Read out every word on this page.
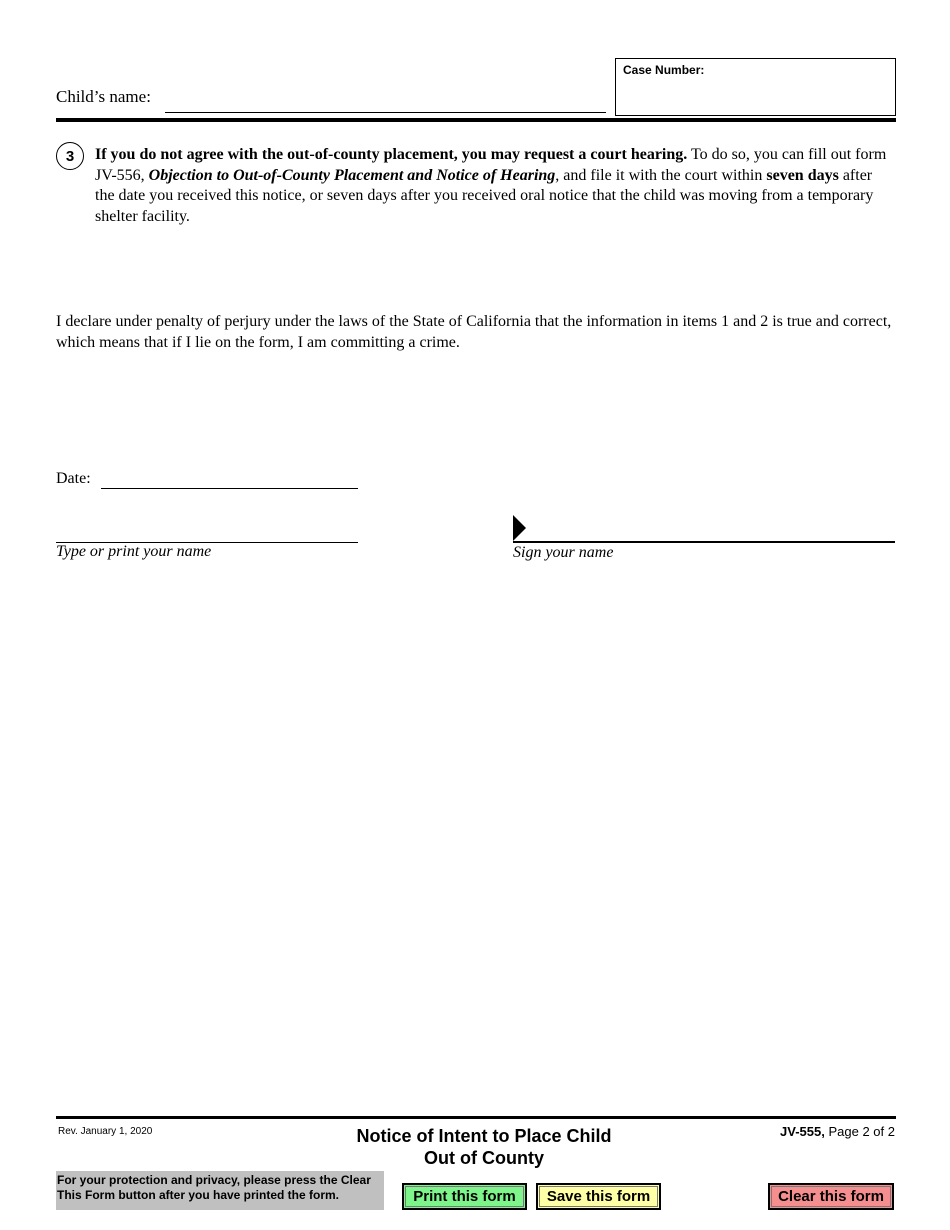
Child’s name:
Case Number:
3	If you do not agree with the out-of-county placement, you may request a court hearing. To do so, you can fill out form JV-556, Objection to Out-of-County Placement and Notice of Hearing, and file it with the court within seven days after the date you received this notice, or seven days after you received oral notice that the child was moving from a temporary shelter facility.
I declare under penalty of perjury under the laws of the State of California that the information in items 1 and 2 is true and correct, which means that if I lie on the form, I am committing a crime.
Date:
Type or print your name	Sign your name
Rev. January 1, 2020	Notice of Intent to Place Child
Out of County
JV-555, Page 2 of 2
For your protection and privacy, please press the Clear This Form button after you have printed the form.	Print this form	Save this form	Clear this form
